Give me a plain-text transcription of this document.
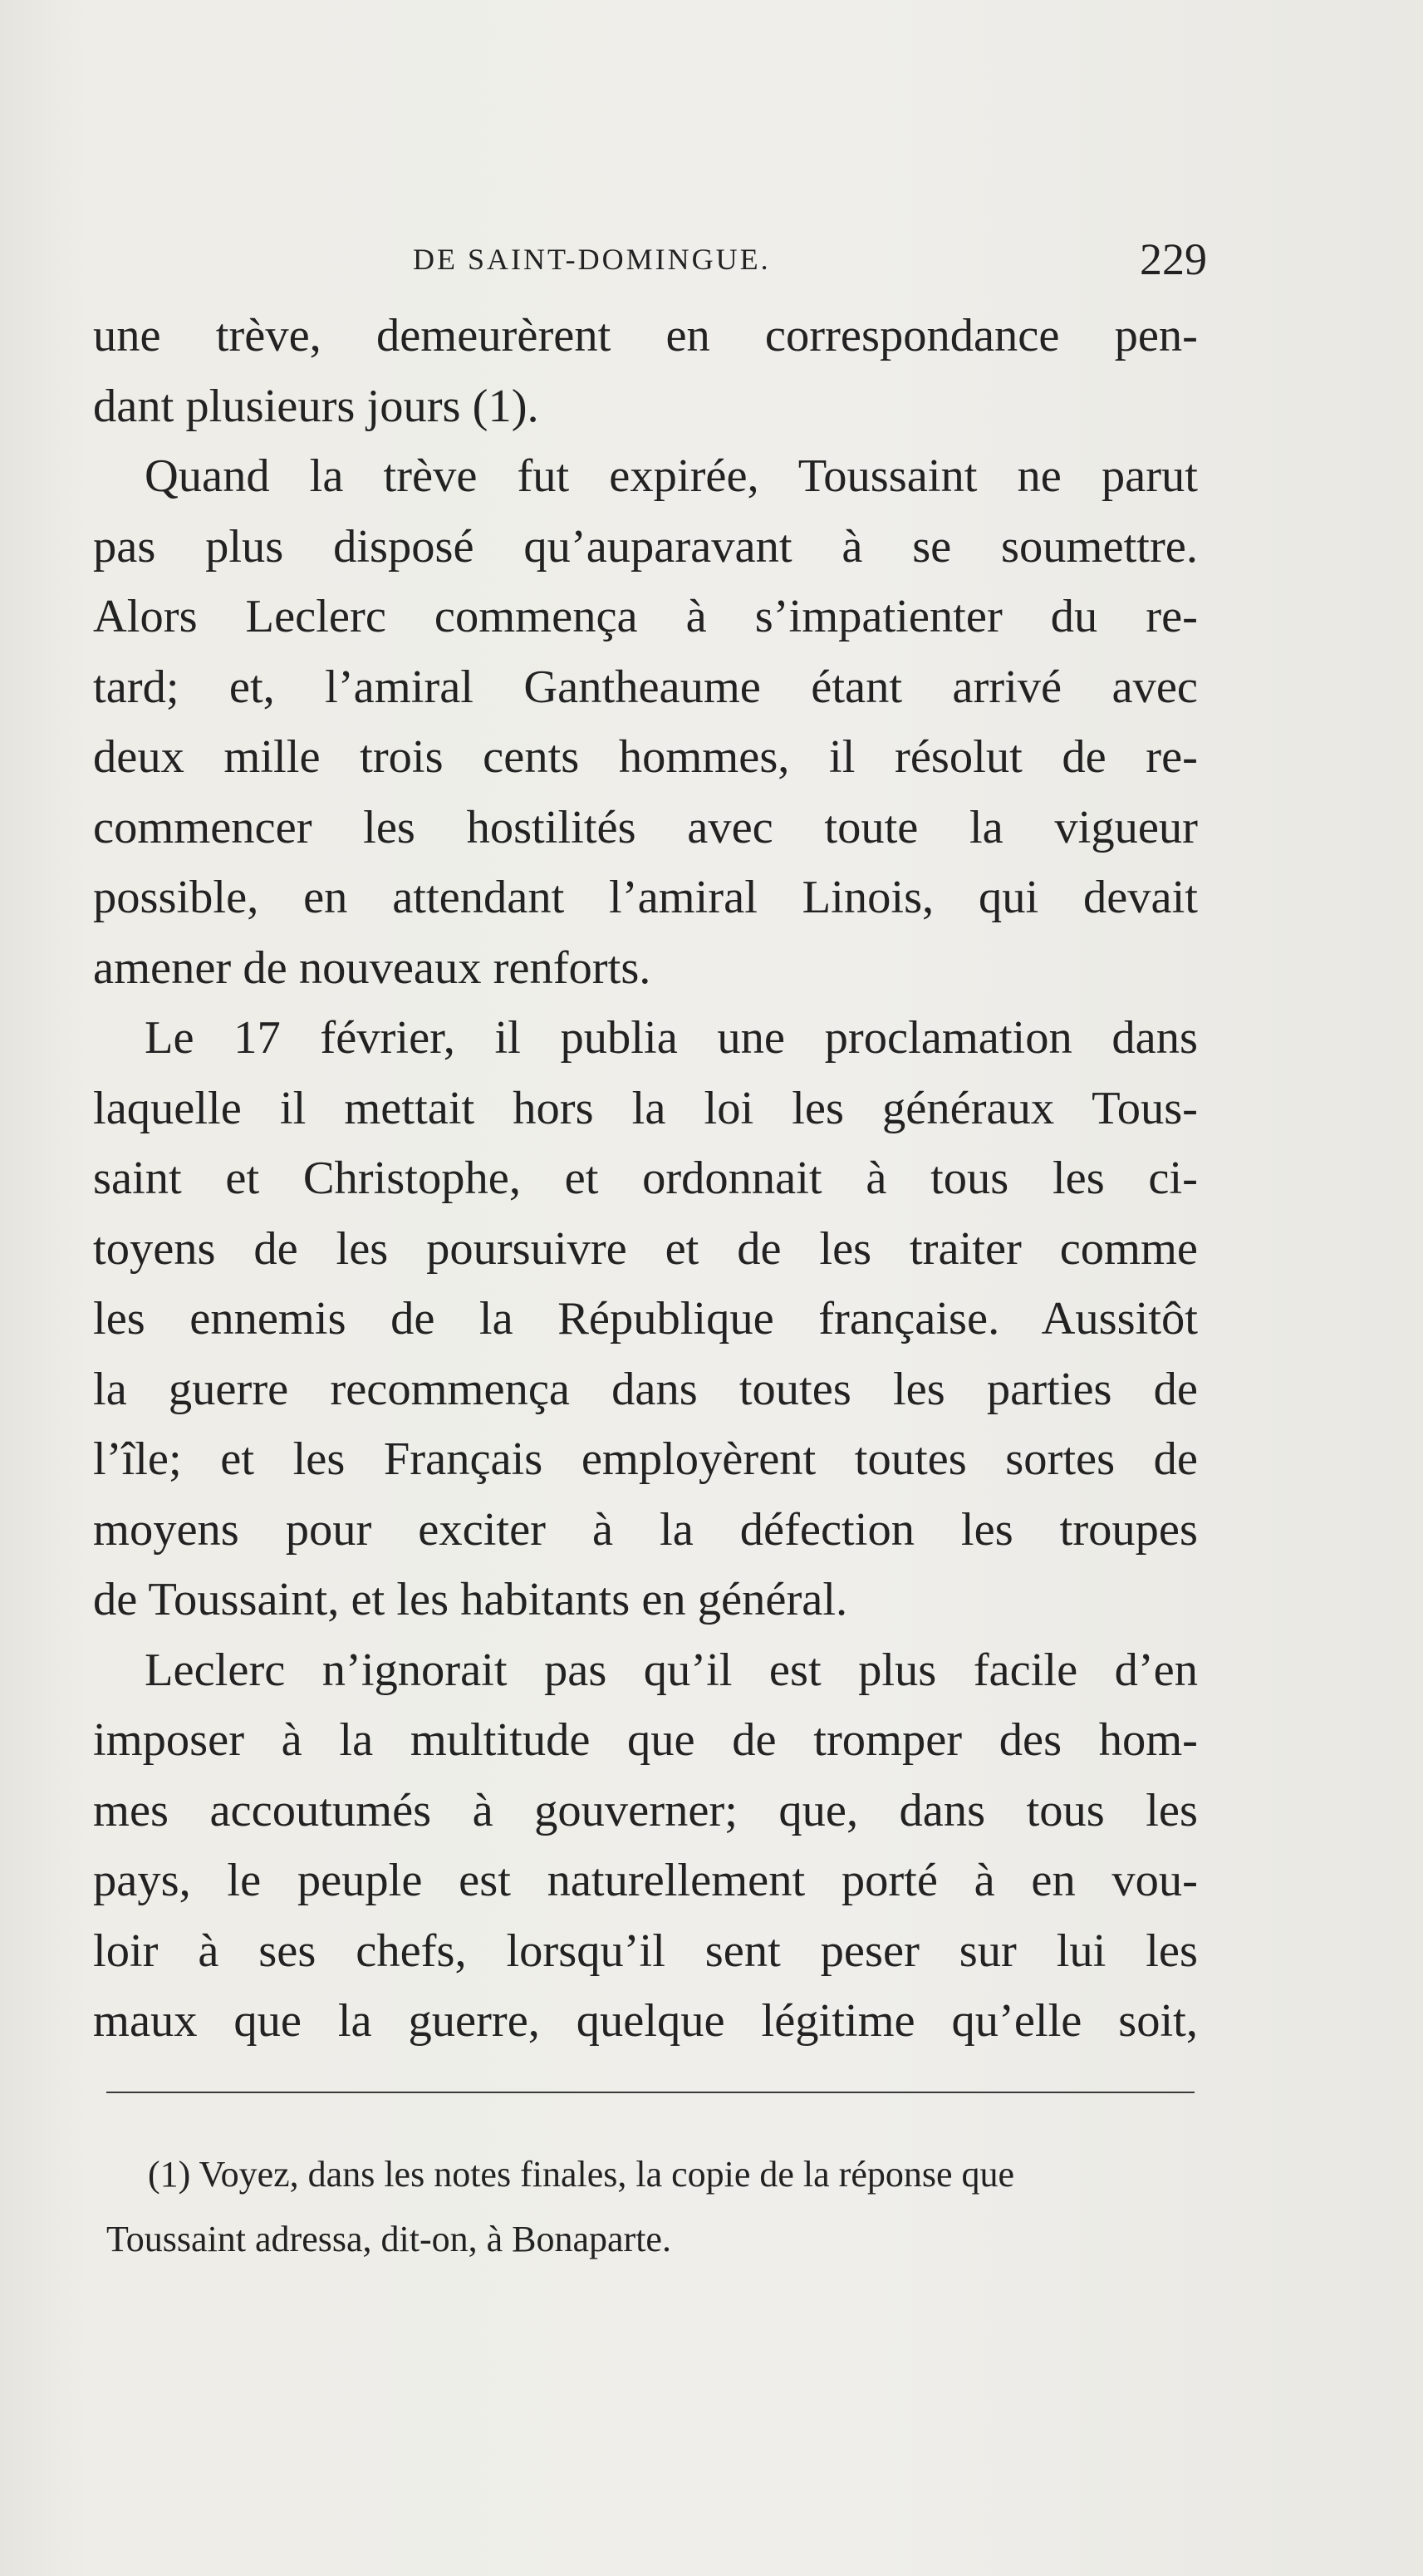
DE SAINT-DOMINGUE.	229
une trève, demeurèrent en correspondance pen-
dant plusieurs jours (1).
Quand la trève fut expirée, Toussaint ne parut
pas plus disposé qu’auparavant à se soumettre.
Alors Leclerc commença à s’impatienter du re-
tard; et, l’amiral Gantheaume étant arrivé avec
deux mille trois cents hommes, il résolut de re-
commencer les hostilités avec toute la vigueur
possible, en attendant l’amiral Linois, qui devait
amener de nouveaux renforts.
Le 17 février, il publia une proclamation dans
laquelle il mettait hors la loi les généraux Tous-
saint et Christophe, et ordonnait à tous les ci-
toyens de les poursuivre et de les traiter comme
les ennemis de la République française. Aussitôt
la guerre recommença dans toutes les parties de
l’île; et les Français employèrent toutes sortes de
moyens pour exciter à la défection les troupes
de Toussaint, et les habitants en général.
Leclerc n’ignorait pas qu’il est plus facile d’en
imposer à la multitude que de tromper des hom-
mes accoutumés à gouverner; que, dans tous les
pays, le peuple est naturellement porté à en vou-
loir à ses chefs, lorsqu’il sent peser sur lui les
maux que la guerre, quelque légitime qu’elle soit,
(1) Voyez, dans les notes finales, la copie de la réponse que
Toussaint adressa, dit-on, à Bonaparte.
